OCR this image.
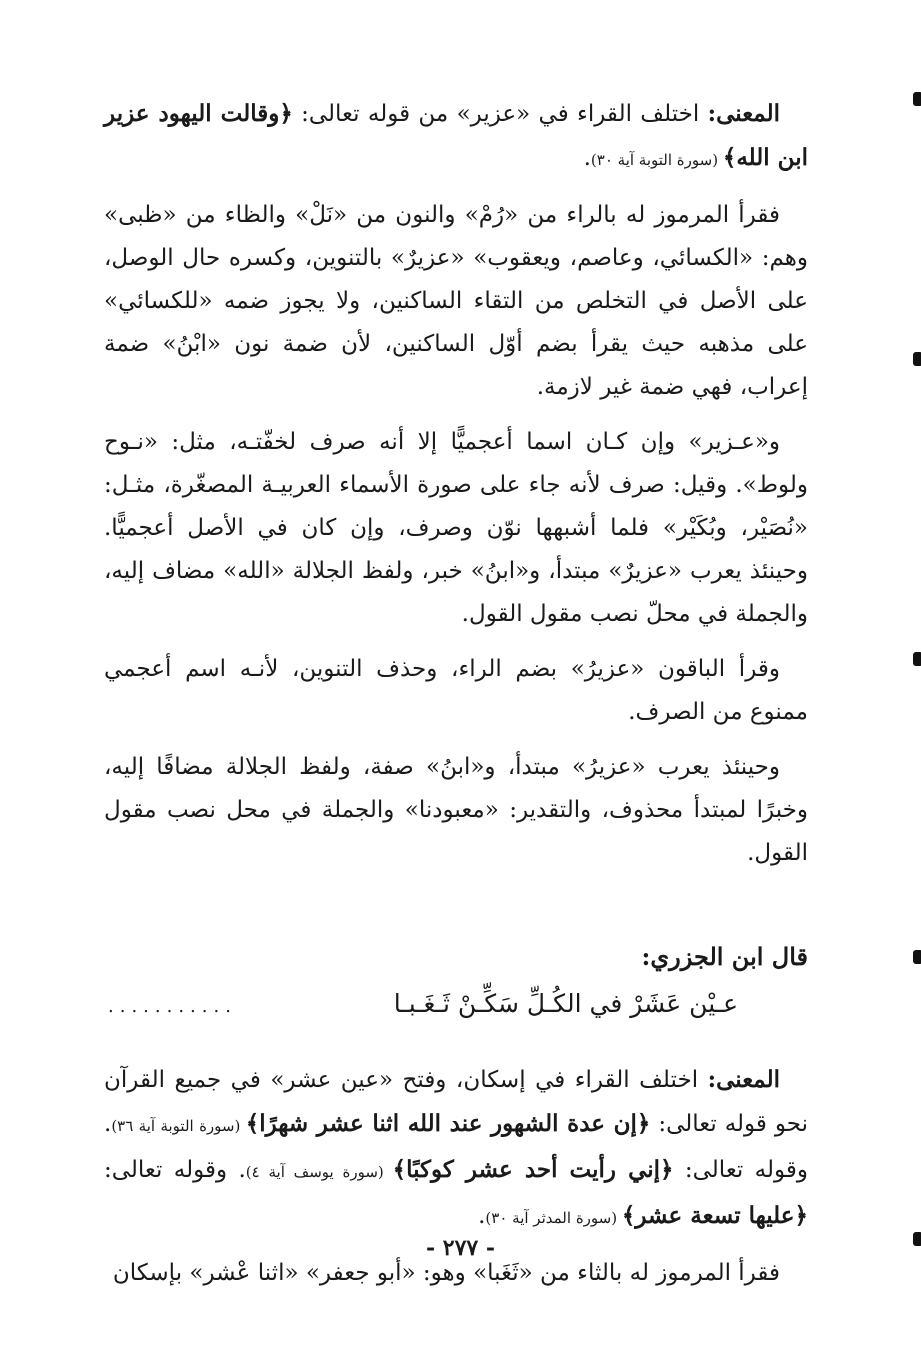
المعنى: اختلف القراء في «عزير» من قوله تعالى: ﴿وقالت اليهود عزير ابن الله﴾ (سورة التوبة آية ٣٠).

فقرأ المرموز له بالراء من «رُمْ» والنون من «نَلْ» والظاء من «ظبى» وهم: «الكسائي، وعاصم، ويعقوب» «عزيرٌ» بالتنوين، وكسره حال الوصل، على الأصل في التخلص من التقاء الساكنين، ولا يجوز ضمه «للكسائي» على مذهبه حيث يقرأ بضم أوّل الساكنين، لأن ضمة نون «ابْنُ» ضمة إعراب، فهي ضمة غير لازمة.

و«عـزير» وإن كـان اسما أعجميًّا إلا أنه صرف لخفّتـه، مثل: «نـوح ولوط». وقيل: صرف لأنه جاء على صورة الأسماء العربيـة المصغّرة، مثـل: «نُصَيْر، وبُكَيْر» فلما أشبهها نوّن وصرف، وإن كان في الأصل أعجميًّا. وحينئذ يعرب «عزيرٌ» مبتدأ، و«ابنُ» خبر، ولفظ الجلالة «الله» مضاف إليه، والجملة في محلّ نصب مقول القول.

وقرأ الباقون «عزيرُ» بضم الراء، وحذف التنوين، لأنـه اسم أعجمي ممنوع من الصرف.

وحينئذ يعرب «عزيرُ» مبتدأ، و«ابنُ» صفة، ولفظ الجلالة مضافًا إليه، وخبرًا لمبتدأ محذوف، والتقدير: «معبودنا» والجملة في محل نصب مقول القول.

قال ابن الجزري:
عـيْن عَشَرْ في الكُـلِّ سَكِّـنْ ثَـغَـبـا
...........

المعنى: اختلف القراء في إسكان، وفتح «عين عشر» في جميع القرآن نحو قوله تعالى: ﴿إن عدة الشهور عند الله اثنا عشر شهرًا﴾ (سورة التوبة آية ٣٦). وقوله تعالى: ﴿إني رأيت أحد عشر كوكبًا﴾ (سورة يوسف آية ٤). وقوله تعالى: ﴿عليها تسعة عشر﴾ (سورة المدثر آية ٣٠).

فقرأ المرموز له بالثاء من «ثَغَبا» وهو: «أبو جعفر» «اثنا عْشر» بإسكان

- ٢٧٧ -
